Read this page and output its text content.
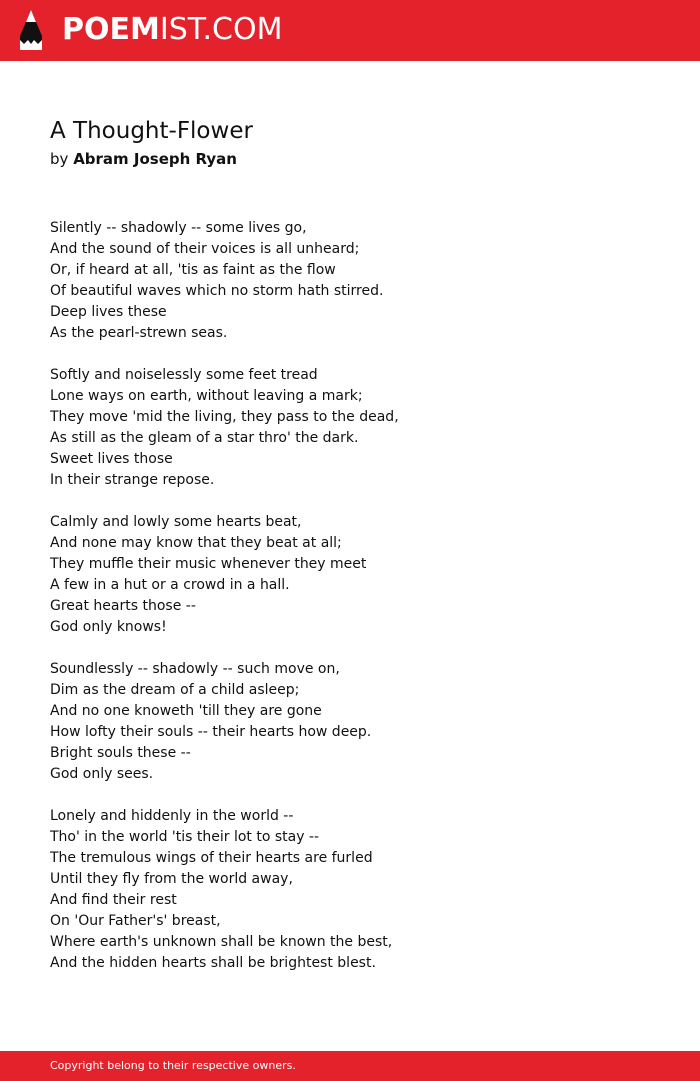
POEMIST.COM
A Thought-Flower
by Abram Joseph Ryan
Silently -- shadowly -- some lives go,
And the sound of their voices is all unheard;
Or, if heard at all, 'tis as faint as the flow
Of beautiful waves which no storm hath stirred.
Deep lives these
As the pearl-strewn seas.
Softly and noiselessly some feet tread
Lone ways on earth, without leaving a mark;
They move 'mid the living, they pass to the dead,
As still as the gleam of a star thro' the dark.
Sweet lives those
In their strange repose.
Calmly and lowly some hearts beat,
And none may know that they beat at all;
They muffle their music whenever they meet
A few in a hut or a crowd in a hall.
Great hearts those --
God only knows!
Soundlessly -- shadowly -- such move on,
Dim as the dream of a child asleep;
And no one knoweth 'till they are gone
How lofty their souls -- their hearts how deep.
Bright souls these --
God only sees.
Lonely and hiddenly in the world --
Tho' in the world 'tis their lot to stay --
The tremulous wings of their hearts are furled
Until they fly from the world away,
And find their rest
On 'Our Father's' breast,
Where earth's unknown shall be known the best,
And the hidden hearts shall be brightest blest.
Copyright belong to their respective owners.
